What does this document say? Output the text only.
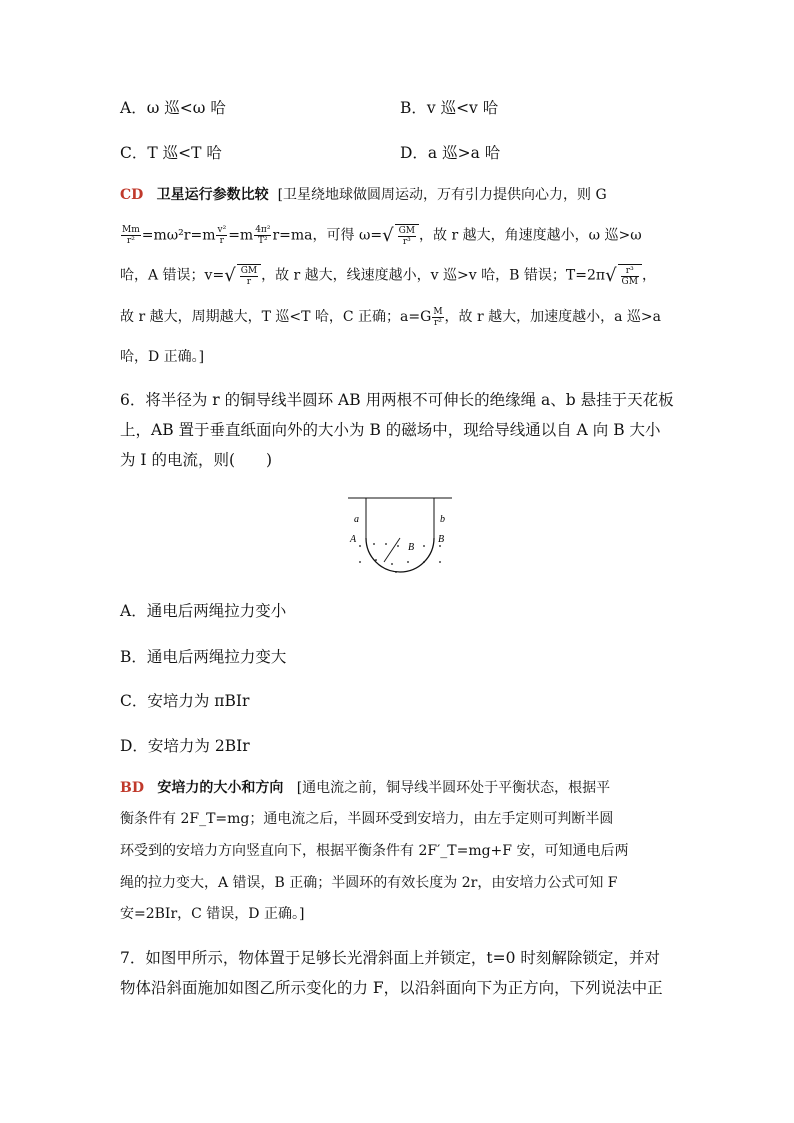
A．ω 巡<ω 哈	B．v 巡<v 哈
C．T 巡<T 哈	D．a 巡>a 哈
CD 卫星运行参数比较 [卫星绕地球做圆周运动，万有引力提供向心力，则 G
$\frac{Mm}{\text{r²}} =m\omega^2r=m \frac{\text{v²}}{r} =m \frac{\text{4π²}}{\text{T²}} r=ma$，可得 $\omega=√ \frac{GM}{\text{r³}}$ ，故 r 越大，角速度越小，ω 巡>ω
哈，A 错误；$v=√ \frac{GM}{r}$ ，故 r 越大，线速度越小，v 巡>v 哈，B 错误；$T=2\pi√ \frac{\text{r³}}{GM}$ ，
故 r 越大，周期越大，T 巡<T 哈，C 正确；$a=G \frac{M}{\text{r²}}$ ，故 r 越大，加速度越小，a 巡>a
哈，D 正确。]
6．将半径为 r 的铜导线半圆环 AB 用两根不可伸长的绝缘绳 a、b 悬挂于天花板
上，AB 置于垂直纸面向外的大小为 B 的磁场中，现给导线通以自 A 向 B 大小
为 I 的电流，则(　　)
a	b
A	B
B
A．通电后两绳拉力变小
B．通电后两绳拉力变大
C．安培力为 πBIr
D．安培力为 2BIr
BD 安培力的大小和方向 [通电流之前，铜导线半圆环处于平衡状态，根据平
衡条件有 2F_T=mg；通电流之后，半圆环受到安培力，由左手定则可判断半圆
环受到的安培力方向竖直向下，根据平衡条件有 2F′_T=mg+F 安，可知通电后两
绳的拉力变大，A 错误，B 正确；半圆环的有效长度为 2r，由安培力公式可知 F
安=2BIr，C 错误，D 正确。]
7．如图甲所示，物体置于足够长光滑斜面上并锁定，t=0 时刻解除锁定，并对
物体沿斜面施加如图乙所示变化的力 F，以沿斜面向下为正方向，下列说法中正
